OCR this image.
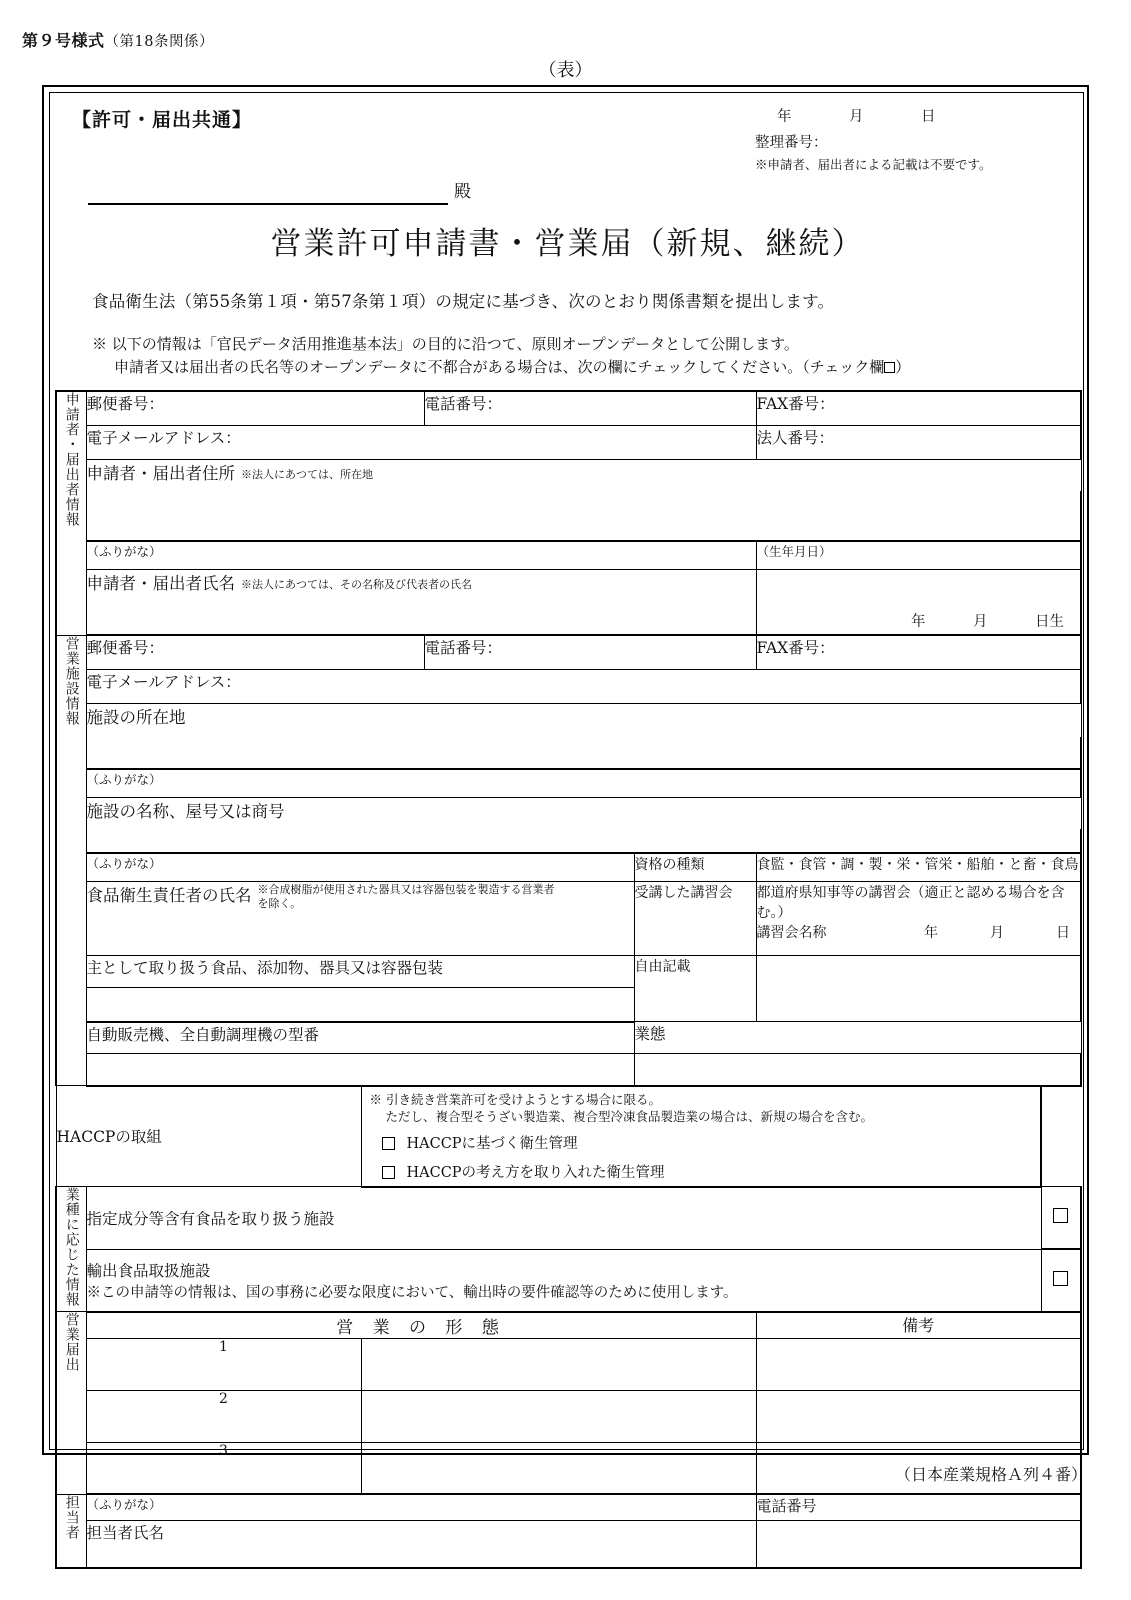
第９号様式（第18条関係）
（表）
【許可・届出共通】	年	月	日
整理番号：
※申請者、届出者による記載は不要です。
殿
営業許可申請書・営業届（新規、継続）
食品衛生法（第55条第１項・第57条第１項）の規定に基づき、次のとおり関係書類を提出します。
※ 以下の情報は「官民データ活用推進基本法」の目的に沿つて、原則オープンデータとして公開します。
申請者又は届出者の氏名等のオープンデータに不都合がある場合は、次の欄にチェックしてください。（チェック欄 ）
申請者・届出者情報	郵便番号：		電話番号：		FAX番号：	
	電子メールアドレス：				法人番号：	
	申請者・届出者住所 ※法人にあつては、所在地					

	（ふりがな）				（生年月日）	
	申請者・届出者氏名 ※法人にあつては、その名称及び代表者の氏名				年 月 日生	

営業施設情報	郵便番号：		電話番号：		FAX番号：	
	電子メールアドレス：					
	施設の所在地					

	（ふりがな）					
	施設の名称、屋号又は商号					

	（ふりがな）			資格の種類	食監・食管・調・製・栄・管栄・船舶・と畜・食鳥	
	食品衛生責任者の氏名 ※合成樹脂が使用された器具又は容器包装を製造する営業者
を除く。			受講した講習会	都道府県知事等の講習会（適正と認める場合を含む。）	
					講習会名称 年 月 日	

	主として取り扱う食品、添加物、器具又は容器包装			自由記載		

	自動販売機、全自動調理機の型番			業態		

HACCPの取組		※ 引き続き営業許可を受けようとする場合に限る。
ただし、複合型そうざい製造業、複合型冷凍食品製造業の場合は、新規の場合を含む。
HACCPに基づく衛生管理
HACCPの考え方を取り入れた衛生管理				

業種に応じた情報	指定成分等含有食品を取り扱う施設					

	輸出食品取扱施設
※この申請等の情報は、国の事務に必要な限度において、輸出時の要件確認等のために使用します。					

営業届出	営 業 の 形 態				備考	
	1					
	2					
	3					
担当者	（ふりがな）				電話番号	
	担当者氏名					
（日本産業規格Ａ列４番）
